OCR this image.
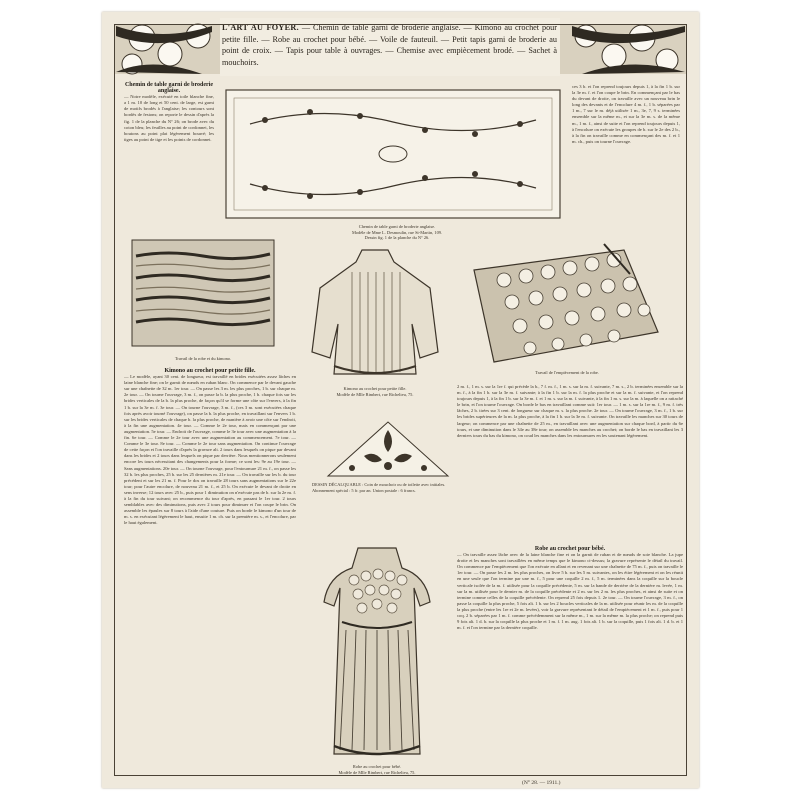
L'ART AU FOYER. — Chemin de table garni de broderie anglaise. — Kimono au crochet pour petite fille. — Robe au crochet pour bébé. — Voile de fauteuil. — Petit tapis garni de broderie au point de croix. — Tapis pour table à ouvrages. — Chemise avec empiècement brodé. — Sachet à mouchoirs.
Chemin de table garni de broderie anglaise.
— Notre modèle, exécuté en toile blanche fine, a 1 m. 10 de long et 50 cent. de large, est garni de motifs brodés à l'anglaise; les contours sont bordés de festons; on reporte le dessin d'après la fig. 1 de la planche du N° 26; on brode avec du coton bleu; les feuilles au point de cordonnet, les boutons au point plat légèrement bourré; les tiges au point de tige et les points de cordonnet.
Chemin de table garni de broderie anglaise.
Modèle de Mme L. Desmoulin, rue St-Martin, 109.
Dessin fig. 1 de la planche du N° 26.
ces 3 b. et l'on reprend toujours depuis 1, à la fin 1 b. sur la 3e m. f. et l'on coupe le brin. En commençant par le bas du devant de droite, on travaille avec un nouveau brin le long des devants et de l'encolure 4 m. f., 1 b. séparées par 1 m., 7 sur le m. déjà utilisée 1 m., 3e, 7, 9 s. terminées ensemble sur la même m., et sur la 3e m. s. de la même m., 1 m. f., ainsi de suite et l'on reprend toujours depuis 1, à l'encolure on exécute les groupes de b. sur le 2e des 2 b., à la fin on travaille comme en commençant des m. f. et 1 m. ch., puis on tourne l'ouvrage.
Travail de la robe et du kimono.
Kimono au crochet pour petite fille.
Modèle de Mlle Rimbert, rue Richelieu, 75.
Travail de l'empiècement de la robe.
Kimono au crochet pour petite fille.
— Le modèle, ayant 30 cent. de longueur, est travaillé en brides exécutées assez lâches en laine blanche fine; on le garnit de nœuds en ruban blanc. On commence par le devant gauche sur une chaînette de 32 m. 1er tour. — On passe les 3 m. les plus proches, 1 b. sur chaque m. 2e tour. — On tourne l'ouvrage, 3 m. f., on passe la b. la plus proche, 1 b. chaque fois sur les brides verticales de la b. la plus proche, de façon qu'il se forme une côte sur l'envers, à la fin 1 b. sur la 3e m. f. 3e tour. — On tourne l'ouvrage, 3 m. f., (ces 3 m. sont exécutées chaque fois après avoir tourné l'ouvrage), on passe la b. la plus proche, en travaillant sur l'envers 1 b. sur les brides verticales de chaque b. la plus proche, de manière à avoir une côte sur l'endroit, à la fin une augmentation. 4e tour. — Comme le 2e tour, mais en commençant par une augmentation. 5e tour. — Endroit de l'ouvrage, comme le 3e tour avec une augmentation à la fin. 6e tour. — Comme le 2e tour avec une augmentation au commencement. 7e tour. — Comme le 3e tour. 8e tour. — Comme le 2e tour sans augmentation. On continue l'ouvrage de cette façon et l'on travaille d'après la gravure alt. 2 tours dans lesquels on pique par devant dans les brides et 2 tours dans lesquels on pique par derrière. Nous mentionnerons seulement encore les tours nécessitant des changements pour la forme; ce sont les: 9e au 19e tour. — Sans augmentations. 20e tour. — On tourne l'ouvrage, pour l'entournure 21 m. f., on passe les 32 b. les plus proches, 25 b. sur les 25 dernières m. 21e tour. — On travaille sur les b. du tour précédent et sur les 21 m. f. Pour le dos on travaille 28 tours sans augmentations sur le 22e tour; pour l'autre encolure, de nouveau 21 m. f., et 25 b. On exécute le devant de droite en sens inverse; 12 tours avec 25 b., puis pour 1 diminution on n'exécute pas de b. sur la 2e m. f. à la fin du tour suivant; on recommence du tour d'après, en passant le 1er tour. 2 tours semblables avec des diminutions, puis avec 2 tours pour diminuer et l'on coupe le brin. On assemble les épaules sur 8 tours à l'aide d'une couture. Puis on borde le kimono d'un tour de m. s. en exécutant légèrement le haut, ensuite 1 m. ch. sur la première m. s., et l'encolure, par le haut également.
2 m. f., 1 m. s. sur la 1re f. qui précède la b., 7 f. m. f., 1 m. s. sur la m. f. suivante, 7 m. s., 2 b. terminées ensemble sur la m. f., à la fin 1 b. sur la 3e m. f. suivante; à la fin 1 b. sur la m. f. la plus proche et sur la m. f. suivante, et l'on reprend toujours depuis 1, à la fin 1 b. sur la 3e m. f. et 1 m. s. sur la m. f. suivante, à la fin 1 m. s. sur la m. à laquelle on a rattaché le brin, et l'on tourne l'ouvrage. On borde le bas en travaillant comme suit: 1er tour. — 1 m. s. sur la 1re m. f., 9 m. f. très lâches, 2 b. tirées sur 3 cent. de longueur sur chaque m. s. la plus proche. 2e tour. — On tourne l'ouvrage, 3 m. f., 1 b. sur les brides supérieures de la m. la plus proche, à la fin 1 b. sur la 3e m. f. suivante. On travaille les manches sur 30 tours de largeur; on commence par une chaînette de 25 m., en travaillant avec une augmentation sur chaque bord, à partir du 6e tours, et une diminution dans le 34e au 38e tour; on assemble les manches au crochet; on borde le bas en travaillant les 3 derniers tours du bas du kimono, on coud les manches dans les entournures en les soutenant légèrement.
DESSIN DÉCALQUABLE : Coin de mouchoir ou de toilette avec initiales. Abonnement spécial : 5 fr. par an. Union postale : 6 francs.
Robe au crochet pour bébé.
Modèle de Mlle Rimbert, rue Richelieu, 75.
Robe au crochet pour bébé.
— On travaille assez lâche avec de la laine blanche fine et on la garnit de ruban et de nœuds de soie blanche. La jupe droite et les manches sont travaillées en même temps que le kimono ci-dessus; la gravure représente le détail du travail. On commence par l'empiècement que l'on exécute en allant et en revenant sur une chaînette de 75 m. f., puis on travaille le 1er tour. — On passe les 2 m. les plus proches, on livre 5 b. sur les 5 m. suivantes, on les étire légèrement et on les réunit en une seule que l'on termine par une m. f., 5 pour une coquille 2 m. f., 5 m. terminées dans la coquille sur la boucle verticale isolée de la m. f. utilisée pour la coquille précédente, 5 m. sur la bande de derrière de la dernière m. levée, 1 m. sur la m. utilisée pour le dernier m. de la coquille précédente et 2 m. sur les 2 m. les plus proches, et ainsi de suite et on termine comme celles de la coquille précédente. On reprend 25 fois depuis 1. 2e tour. — On tourne l'ouvrage, 3 m. f., on passe la coquille la plus proche, 5 fois alt. 1 b. sur les 2 boucles verticales de la m. utilisée pour réunir les m. de la coquille la plus proche (entre les 1re et 2e m. levées), voir la gravure représentant le détail de l'empiècement et 1 m. f., puis pour 1 coq. 2 b. séparées par 1 m. f. comme précédemment sur la même m., 1 m. sur la même m. la plus proche; on reprend puis 9 fois alt. 1 d. b. sur la coquille la plus proche et 1 m. f. 1 m. aug. 1 fois alt. 1 b. sur la coquille, puis 1 fois alt. 1 d. b. et 1 m. f. et l'on termine par la dernière coquille.
(N° 28. — 1911.)
